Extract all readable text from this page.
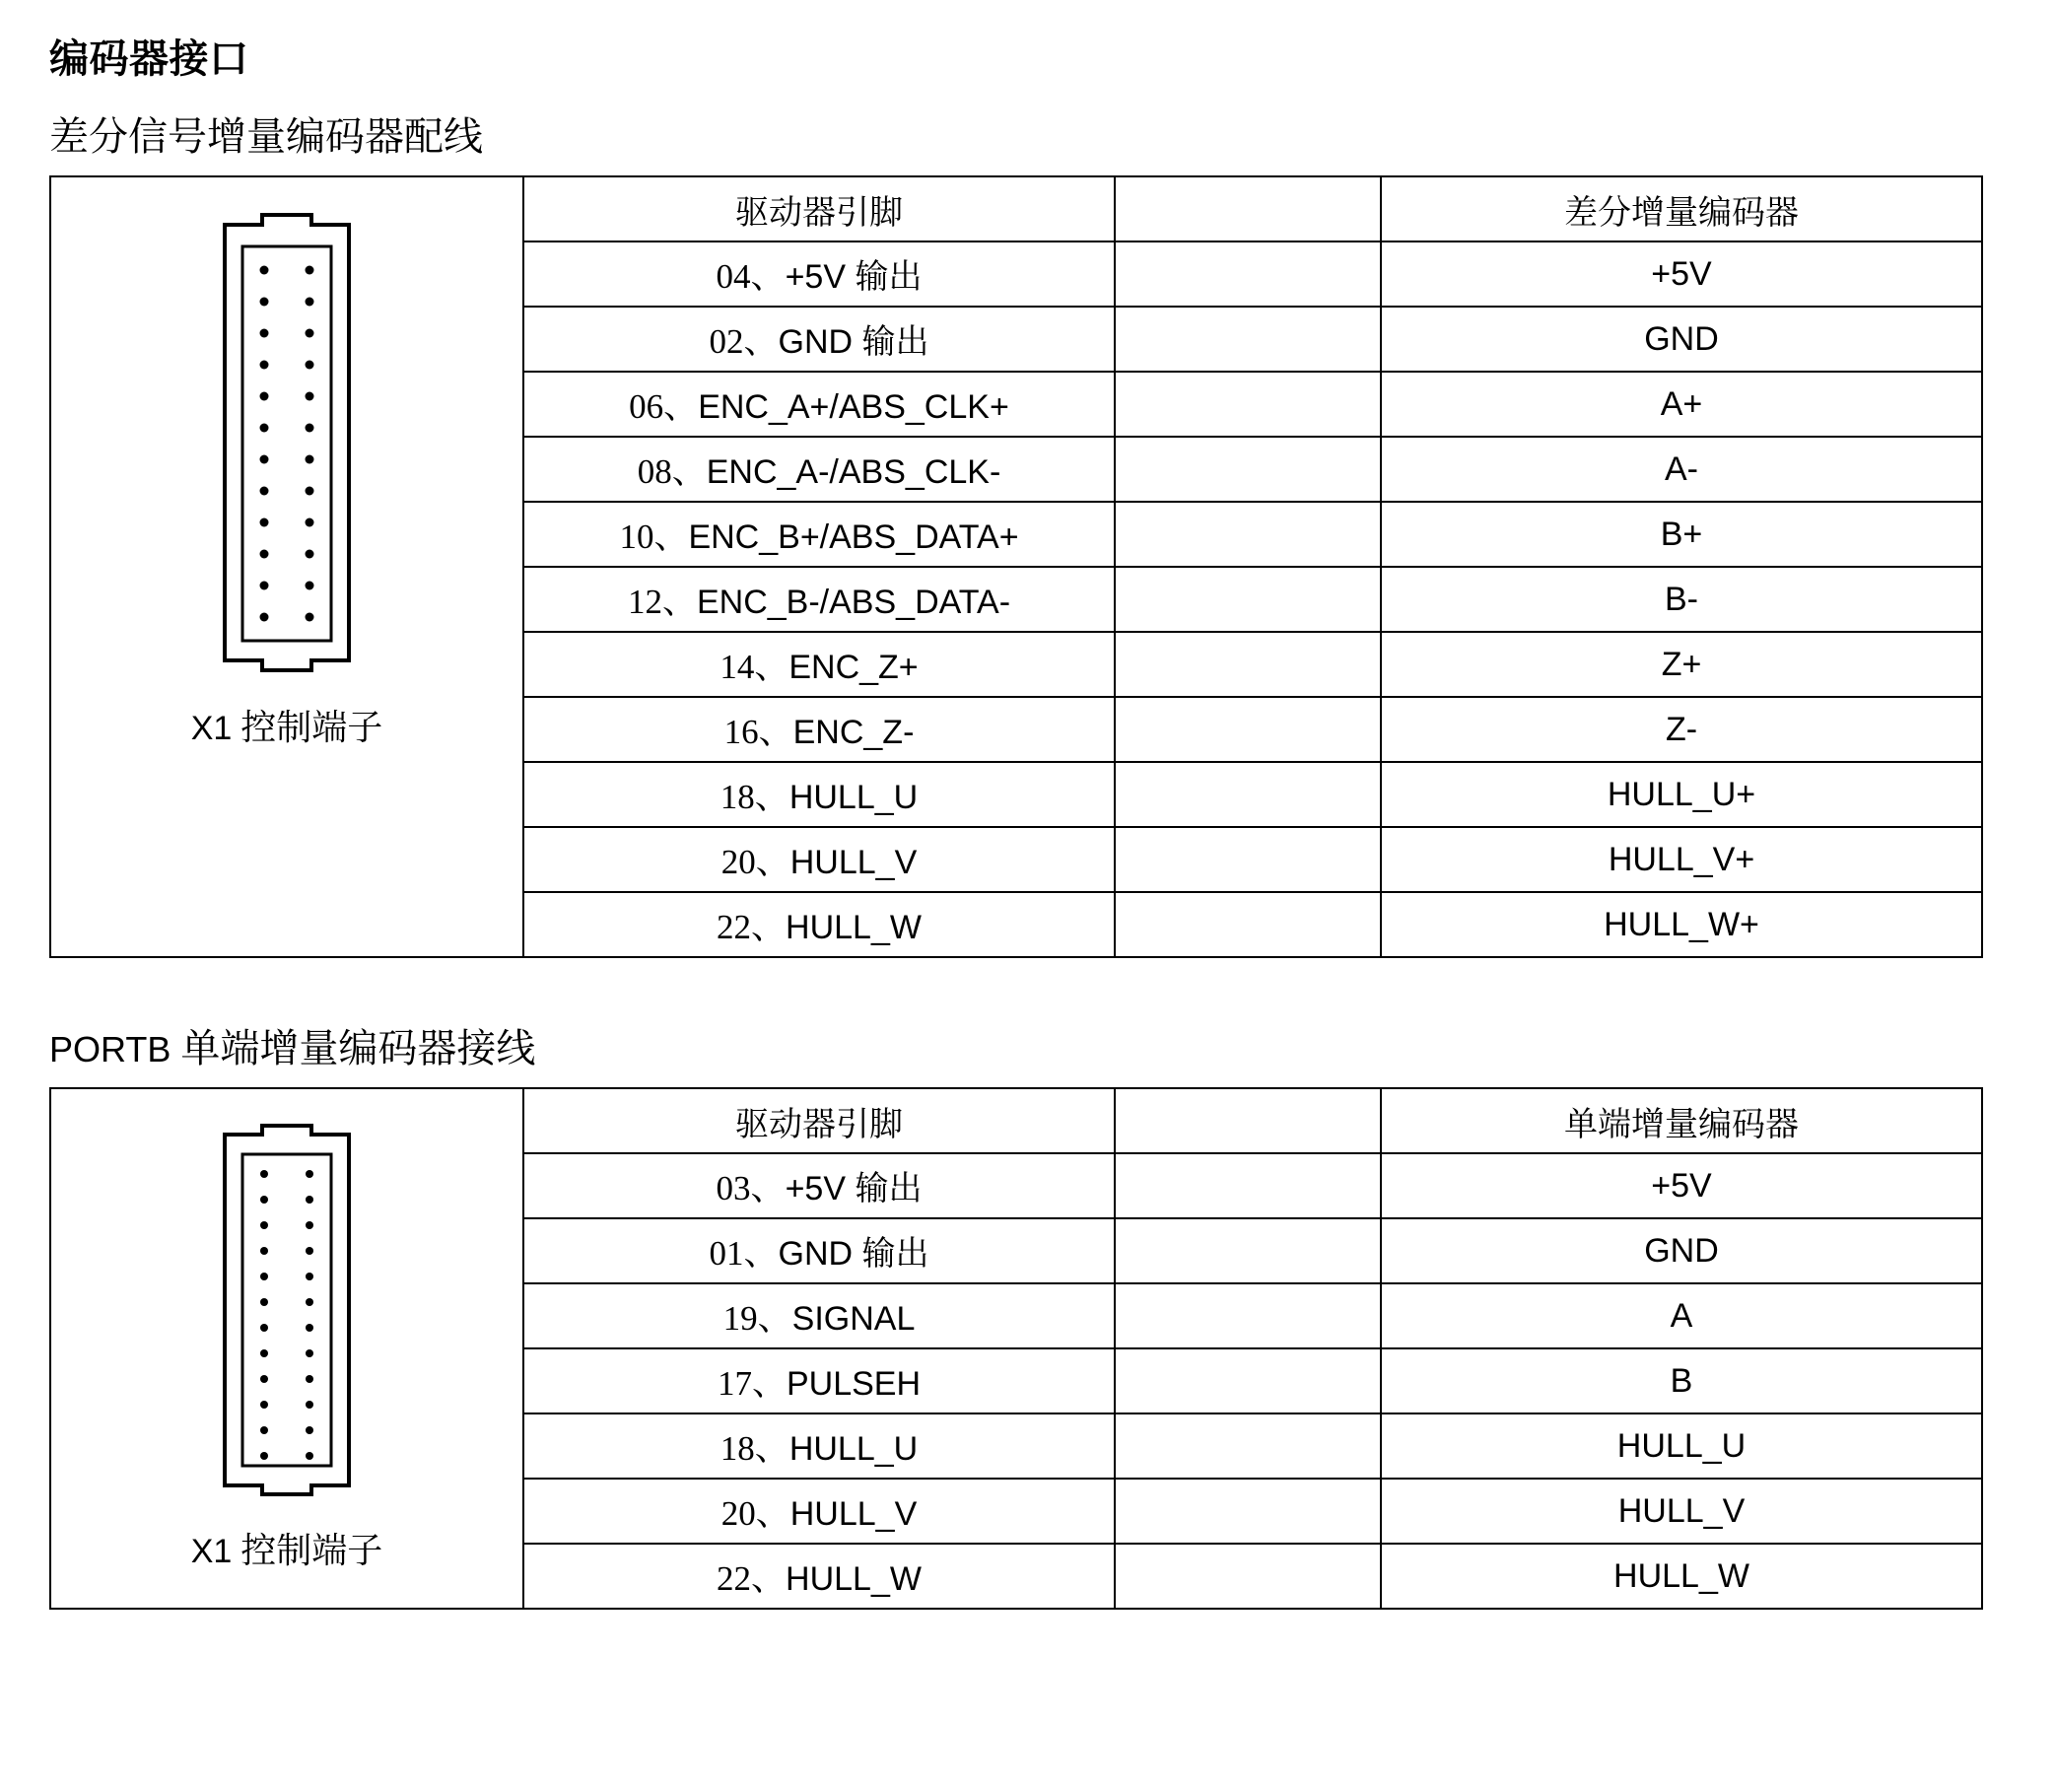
编码器接口
差分信号增量编码器配线
X1 控制端子	驱动器引脚		差分增量编码器
	04、+5V 输出		+5V
	02、GND 输出		GND
	06、ENC_A+/ABS_CLK+		A+
	08、ENC_A-/ABS_CLK-		A-
	10、ENC_B+/ABS_DATA+		B+
	12、ENC_B-/ABS_DATA-		B-
	14、ENC_Z+		Z+
	16、ENC_Z-		Z-
	18、HULL_U		HULL_U+
	20、HULL_V		HULL_V+
	22、HULL_W		HULL_W+
PORTB 单端增量编码器接线
X1 控制端子	驱动器引脚		单端增量编码器
	03、+5V 输出		+5V
	01、GND 输出		GND
	19、SIGNAL		A
	17、PULSEH		B
	18、HULL_U		HULL_U
	20、HULL_V		HULL_V
	22、HULL_W		HULL_W
